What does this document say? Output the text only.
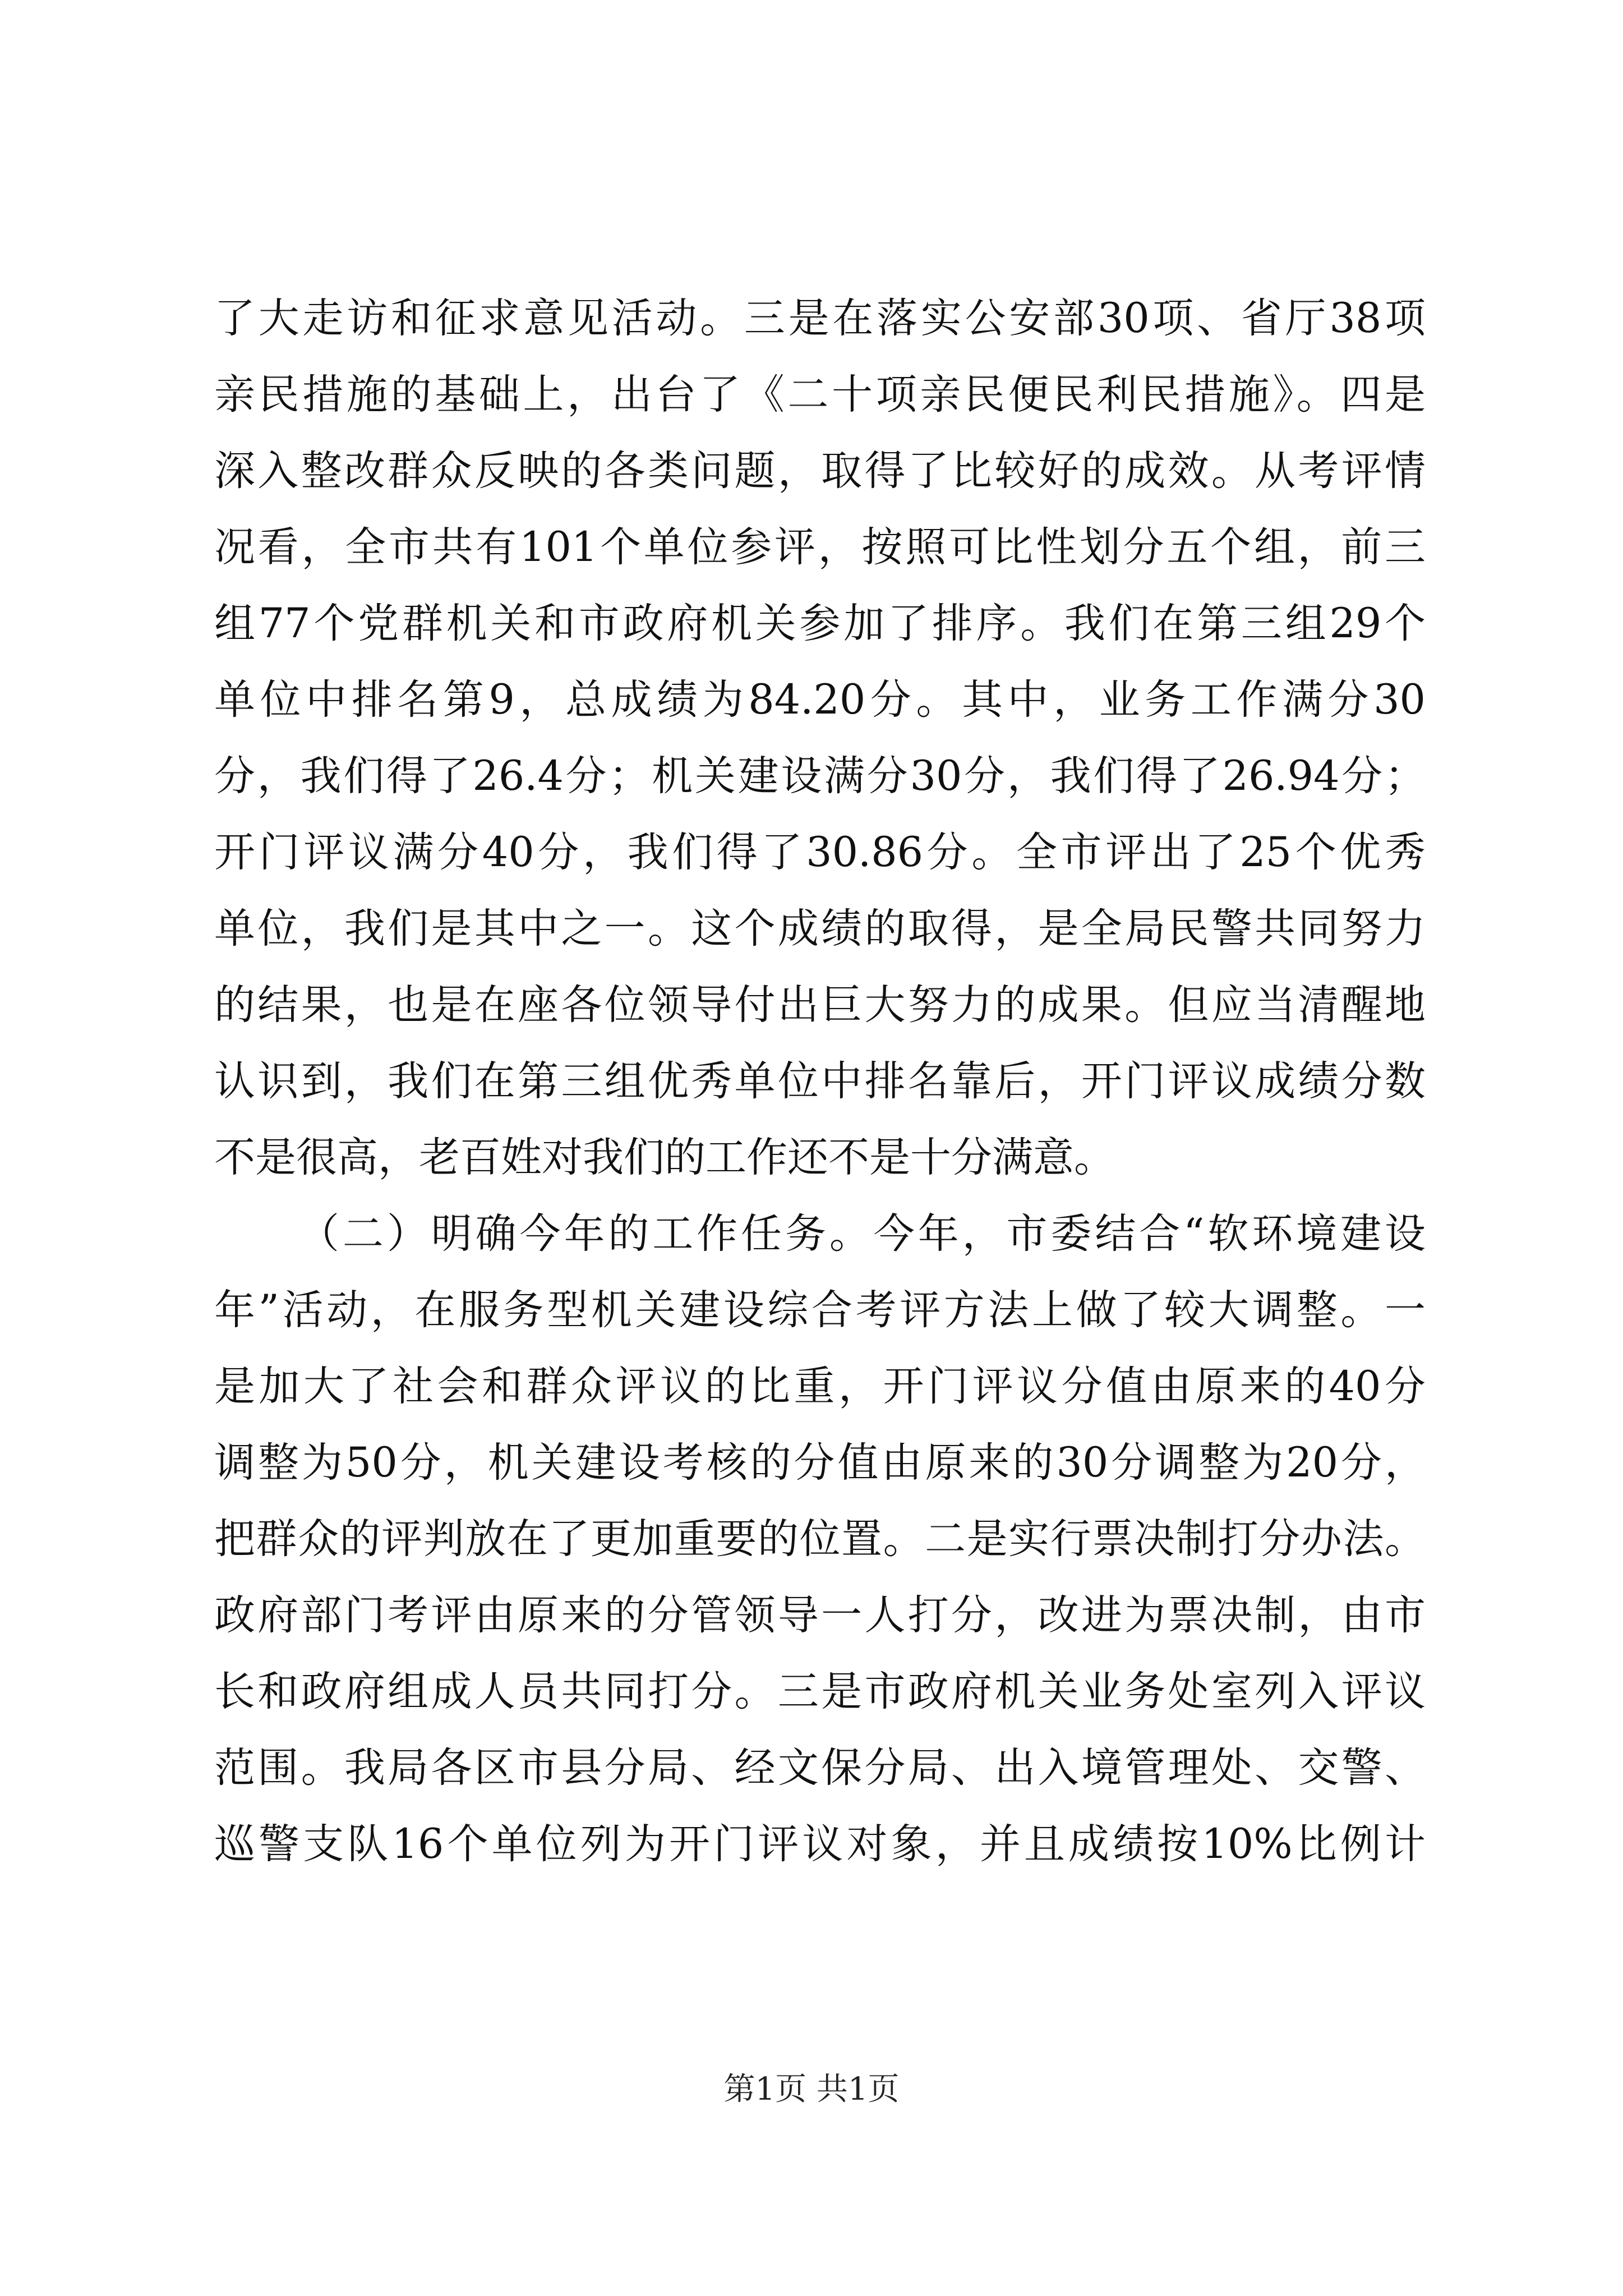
了大走访和征求意见活动。三是在落实公安部30项、省厅38项
亲民措施的基础上，出台了《二十项亲民便民利民措施》。四是
深入整改群众反映的各类问题，取得了比较好的成效。从考评情
况看，全市共有101个单位参评，按照可比性划分五个组，前三
组77个党群机关和市政府机关参加了排序。我们在第三组29个
单位中排名第9，总成绩为84.20分。其中，业务工作满分30
分，我们得了26.4分；机关建设满分30分，我们得了26.94分；
开门评议满分40分，我们得了30.86分。全市评出了25个优秀
单位，我们是其中之一。这个成绩的取得，是全局民警共同努力
的结果，也是在座各位领导付出巨大努力的成果。但应当清醒地
认识到，我们在第三组优秀单位中排名靠后，开门评议成绩分数
不是很高，老百姓对我们的工作还不是十分满意。
（二）明确今年的工作任务。今年，市委结合“软环境建设
年”活动，在服务型机关建设综合考评方法上做了较大调整。一
是加大了社会和群众评议的比重，开门评议分值由原来的40分
调整为50分，机关建设考核的分值由原来的30分调整为20分，
把群众的评判放在了更加重要的位置。二是实行票决制打分办法。
政府部门考评由原来的分管领导一人打分，改进为票决制，由市
长和政府组成人员共同打分。三是市政府机关业务处室列入评议
范围。我局各区市县分局、经文保分局、出入境管理处、交警、
巡警支队16个单位列为开门评议对象，并且成绩按10%比例计
第1页 共1页
